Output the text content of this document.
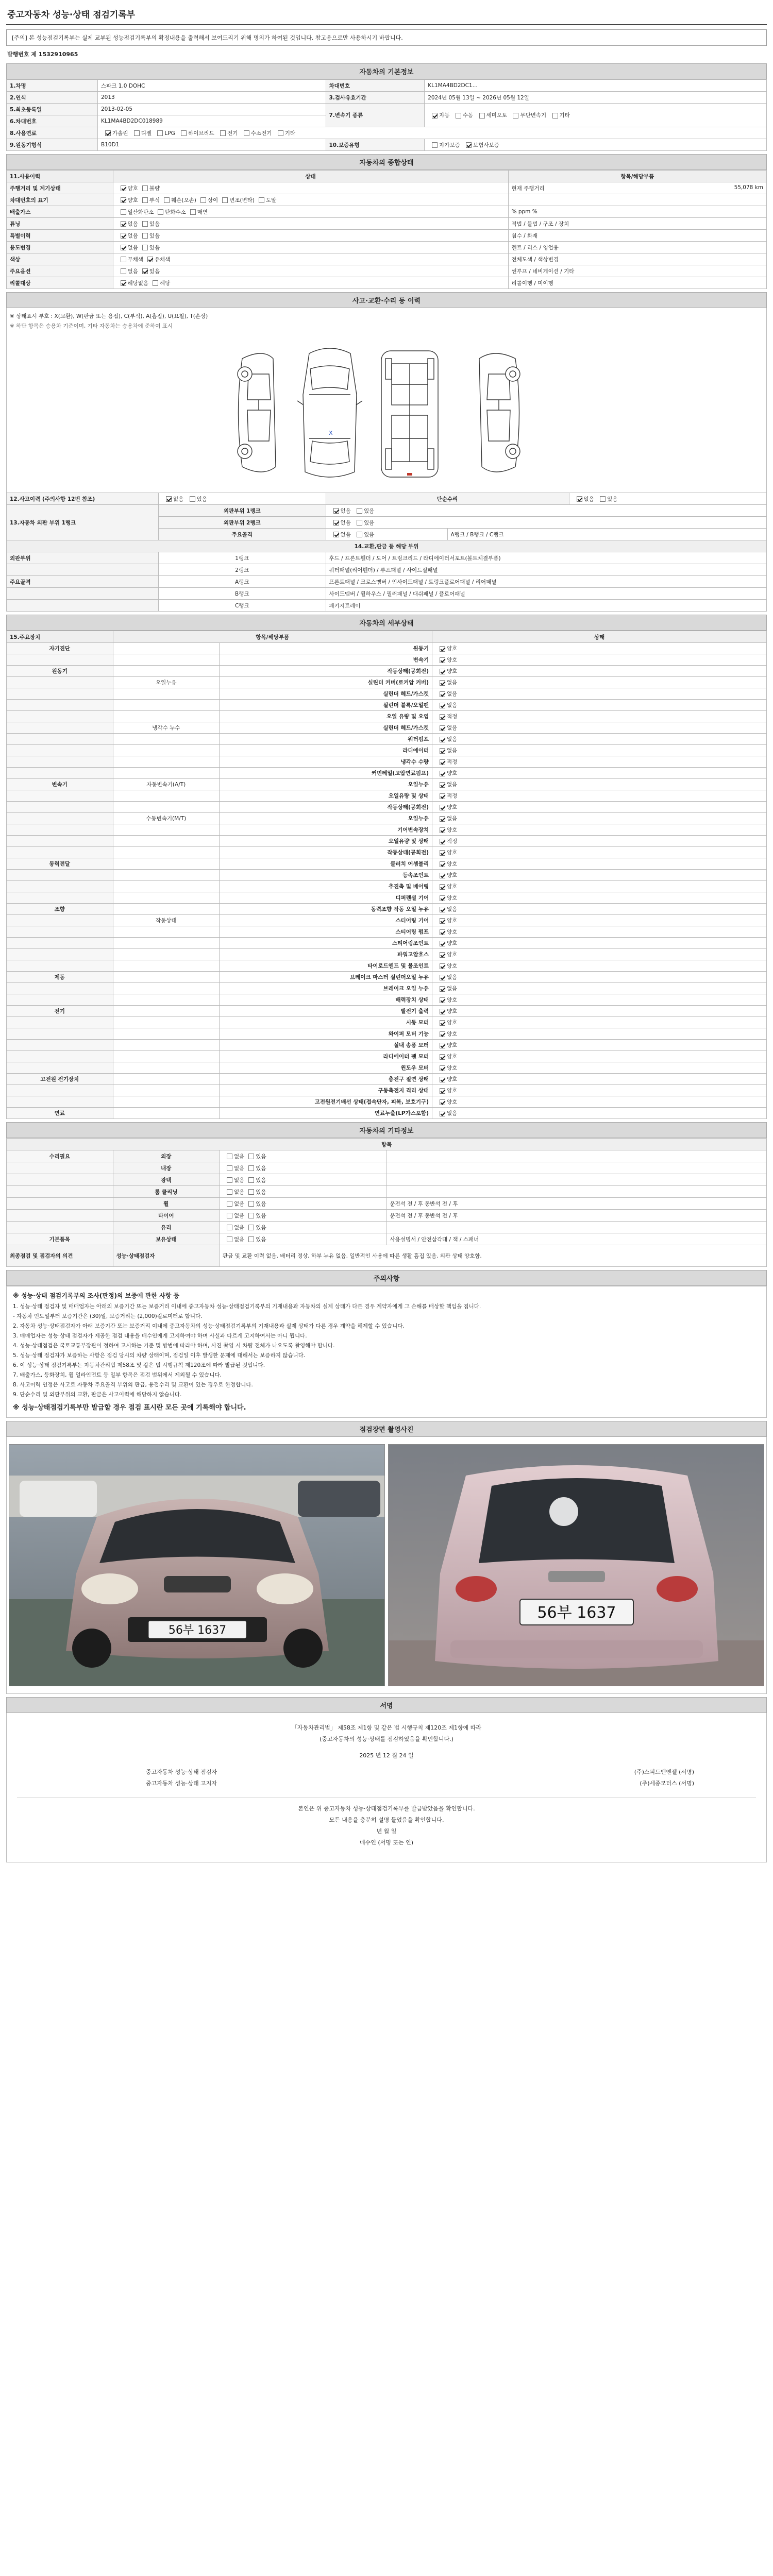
중고자동차 성능·상태 점검기록부
[주의] 본 성능점검기록부는 실제 교부된 성능점검기록부의 확정내용을 출력해서 보여드리기 위해 명의가 하여된 것입니다. 참고용으로만 사용하시기 바랍니다.
발행번호 제 1532910965
자동차의 기본정보
1.차명	스파크 1.0 DOHC	차대번호	KL1MA4BD2DC1...
2.연식	2013	3.검사유효기간	2024년 05월 13일 ~ 2026년 05월 12일
5.최초등록일	2013-02-05	7.변속기 종류	자동 수동 세미오토 무단변속기 기타
6.차대번호	KL1MA4BD2DC018989		
8.사용연료	가솔린 디젤 LPG 하이브리드 전기 수소전기 기타		
9.원동기형식	B10D1	10.보증유형	자가보증 보험사보증
자동차의 종합상태
11.사용이력	상태	항목/해당부품
주행거리 및 계기상태	양호 불량	현재 주행거리 55,078 km

차대번호의 표기	양호 부식 훼손(오손) 상이 변조(변타) 도말	

배출가스	일산화탄소 탄화수소 매연	% ppm %

튜닝	없음 있음	적법 / 불법 / 구조 / 장치

특별이력	없음 있음	침수 / 화재

용도변경	없음 있음	렌트 / 리스 / 영업용

색상	무채색 유채색	전체도색 / 색상변경

주요옵션	없음 있음	썬루프 / 네비게이션 / 기타

리콜대상	해당없음 해당	리콜이행 / 미이행
사고·교환·수리 등 이력
※ 상태표시 부호 : X(교환), W(판금 또는 용접), C(부식), A(흠집), U(요철), T(손상)
※ 하단 항목은 승용차 기준이며, 기타 자동차는 승용차에 준하여 표시
X
12.사고이력 (주의사항 12번 참조)	없음 있음	단순수리		없음 있음
13.자동차 외판 부위 1랭크	외판부위 1랭크	없음 있음		
	외판부위 2랭크	없음 있음		
	주요골격	없음 있음	A랭크 / B랭크 / C랭크	
14.교환,판금 등 해당 부위				
외판부위	1랭크	후드 / 프론트휀더 / 도어 / 트렁크리드 / 라디에이터서포트(볼트체결부품)		
	2랭크	쿼터패널(리어휀더) / 루프패널 / 사이드실패널		
주요골격	A랭크	프론트패널 / 크로스멤버 / 인사이드패널 / 트렁크플로어패널 / 리어패널		
	B랭크	사이드멤버 / 휠하우스 / 필러패널 / 대쉬패널 / 플로어패널		
	C랭크	패키지트레이		
자동차의 세부상태
15.주요장치	항목/해당부품		상태
자기진단		원동기	양호
		변속기	양호
원동기		작동상태(공회전)	양호
	오일누유	실린더 커버(로커암 커버)	없음
		실린더 헤드/가스켓	없음
		실린더 블록/오일팬	없음
		오일 유량 및 오염	적정
	냉각수 누수	실린더 헤드/가스켓	없음
		워터펌프	없음
		라디에이터	없음
		냉각수 수량	적정
		커먼레일(고압연료펌프)	양호
변속기	자동변속기(A/T)	오일누유	없음
		오일유량 및 상태	적정
		작동상태(공회전)	양호
	수동변속기(M/T)	오일누유	없음
		기어변속장치	양호
		오일유량 및 상태	적정
		작동상태(공회전)	양호
동력전달		클러치 어셈블리	양호
		등속조인트	양호
		추진축 및 베어링	양호
		디퍼렌셜 기어	양호
조향		동력조향 작동 오일 누유	없음
	작동상태	스티어링 기어	양호
		스티어링 펌프	양호
		스티어링조인트	양호
		파워고압호스	양호
		타이로드엔드 및 볼조인트	양호
제동		브레이크 마스터 실린더오일 누유	없음
		브레이크 오일 누유	없음
		배력장치 상태	양호
전기		발전기 출력	양호
		시동 모터	양호
		와이퍼 모터 기능	양호
		실내 송풍 모터	양호
		라디에이터 팬 모터	양호
		윈도우 모터	양호
고전원 전기장치		충전구 절연 상태	양호
		구동축전지 격리 상태	양호
		고전원전기배선 상태(접속단자, 피복, 보호기구)	양호
연료		연료누출(LP가스포함)	없음
자동차의 기타정보
항목			
수리필요	외장	없음 있음	
	내장	없음 있음	
	광택	없음 있음	
	룸 클리닝	없음 있음	
	휠	없음 있음	운전석 전 / 후 동반석 전 / 후
	타이어	없음 있음	운전석 전 / 후 동반석 전 / 후
	유리	없음 있음	
기본품목	보유상태	없음 있음	사용설명서 / 안전삼각대 / 잭 / 스패너
최종점검 및 점검자의 의견	성능·상태점검자	판금 및 교환 이력 없음. 배터리 정상, 하부 누유 없음. 일반적인 사용에 따른 생활 흠집 있음. 외관 상태 양호함.	
주의사항
※ 성능·상태 점검기록부의 조사(판정)의 보증에 관한 사항 등

1. 성능·상태 점검자 및 매매업자는 아래의 보증기간 또는 보증거리 이내에 중고자동차 성능·상태점검기록부의 기재내용과 자동차의 실제 상태가 다른 경우 계약자에게 그 손해를 배상할 책임을 집니다.

- 자동차 인도일부터 보증기간은 (30)일, 보증거리는 (2,000)킬로미터로 합니다.

2. 자동차 성능·상태점검자가 아래 보증기간 또는 보증거리 이내에 중고자동차의 성능·상태점검기록부의 기재내용과 실제 상태가 다른 경우 계약을 해제할 수 있습니다.

3. 매매업자는 성능·상태 점검자가 제공한 점검 내용을 매수인에게 고지하여야 하며 사실과 다르게 고지하여서는 아니 됩니다.

4. 성능·상태점검은 국토교통부장관이 정하여 고시하는 기준 및 방법에 따라야 하며, 사진 촬영 시 차량 전체가 나오도록 촬영해야 합니다.

5. 성능·상태 점검자가 보증하는 사항은 점검 당시의 차량 상태이며, 점검일 이후 발생한 문제에 대해서는 보증하지 않습니다.

6. 이 성능·상태 점검기록부는 자동차관리법 제58조 및 같은 법 시행규칙 제120조에 따라 발급된 것입니다.

7. 배출가스, 등화장치, 휠 얼라인먼트 등 일부 항목은 점검 범위에서 제외될 수 있습니다.

8. 사고이력 인정은 사고로 자동차 주요골격 부위의 판금, 용접수리 및 교환이 있는 경우로 한정합니다.

9. 단순수리 및 외판부위의 교환, 판금은 사고이력에 해당하지 않습니다.

※ 성능·상태점검기록부만 발급할 경우 점검 표시란 모든 곳에 기록해야 합니다.
점검장면 촬영사진
56부 1637
56부 1637
서명
「자동차관리법」 제58조 제1항 및 같은 법 시행규칙 제120조 제1항에 따라
(중고자동차의 성능·상태를 점검하였음을 확인합니다.)
2025 년 12 월 24 일
중고자동차 성능·상태 점검자	(주)스피드엔앤젤 (서명)
중고자동차 성능·상태 고지자	(주)세종모터스 (서명)
본인은 위 중고자동차 성능·상태점검기록부를 발급받았음을 확인합니다.
모든 내용을 충분히 설명 들었음을 확인합니다.
년 월 일
매수인 (서명 또는 인)
